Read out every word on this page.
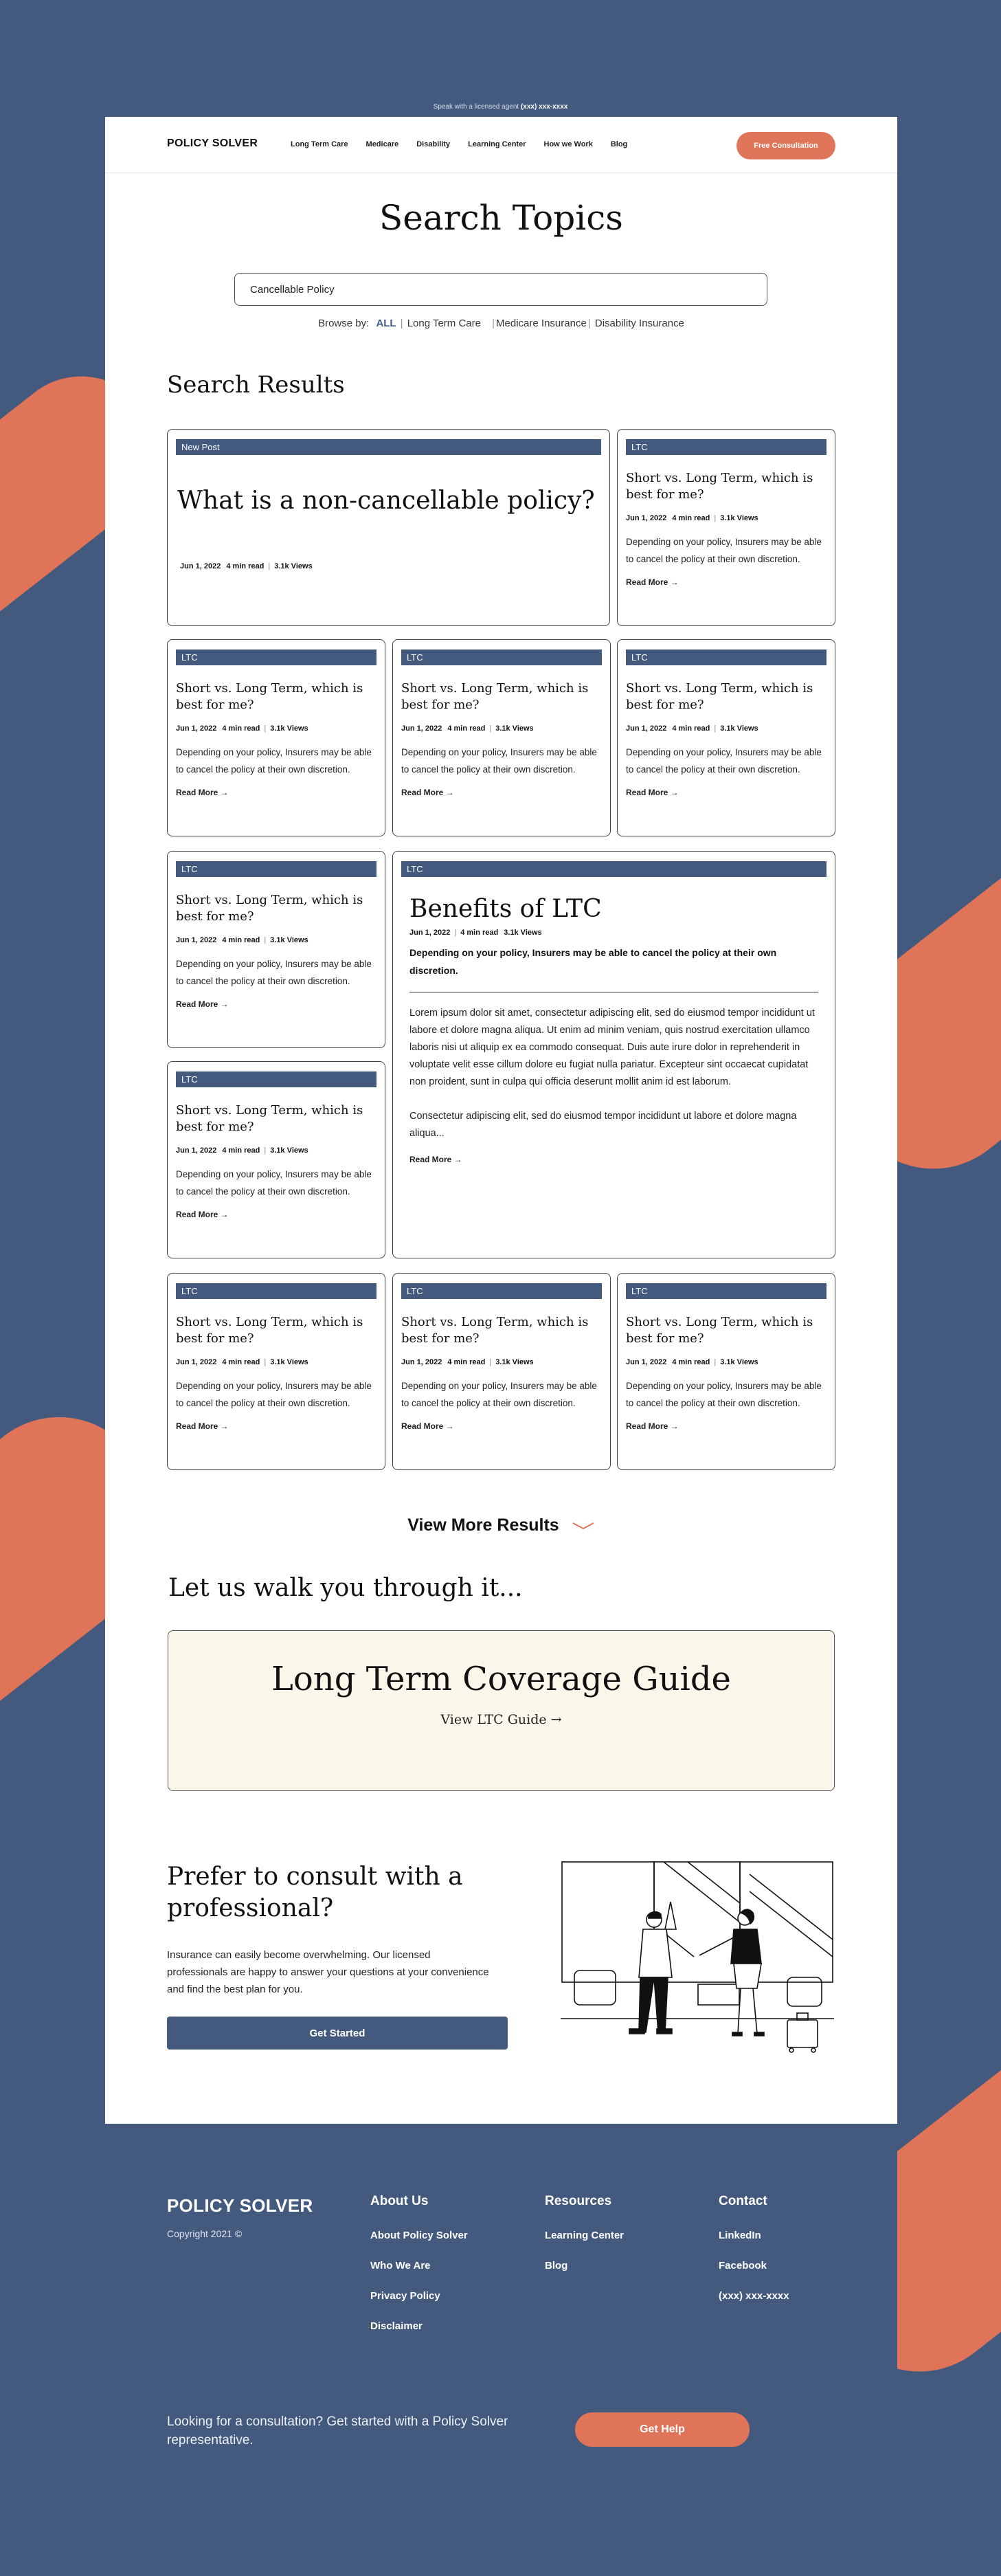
Speak with a licensed agent (xxx) xxx-xxxx
POLICY SOLVER	Long Term Care Medicare Disability Learning Center How we Work Blog	Free Consultation
Search Topics
Cancellable Policy
Browse by: ALL | Long Term Care | Medicare Insurance | Disability Insurance
Search Results
New Post
What is a non-cancellable policy?
Jun 1, 2022 4 min read | 3.1k Views
LTC
Short vs. Long Term, which is best for me?
Jun 1, 2022 4 min read | 3.1k Views
Depending on your policy, Insurers may be able to cancel the policy at their own discretion.
Read More →
LTC
Short vs. Long Term, which is best for me?
Jun 1, 2022 4 min read | 3.1k Views
Depending on your policy, Insurers may be able to cancel the policy at their own discretion.
Read More →
LTC
Short vs. Long Term, which is best for me?
Jun 1, 2022 4 min read | 3.1k Views
Depending on your policy, Insurers may be able to cancel the policy at their own discretion.
Read More →
LTC
Short vs. Long Term, which is best for me?
Jun 1, 2022 4 min read | 3.1k Views
Depending on your policy, Insurers may be able to cancel the policy at their own discretion.
Read More →
LTC
Short vs. Long Term, which is best for me?
Jun 1, 2022 4 min read | 3.1k Views
Depending on your policy, Insurers may be able to cancel the policy at their own discretion.
Read More →
LTC
Short vs. Long Term, which is best for me?
Jun 1, 2022 4 min read | 3.1k Views
Depending on your policy, Insurers may be able to cancel the policy at their own discretion.
Read More →
LTC
Short vs. Long Term, which is best for me?
Jun 1, 2022 4 min read | 3.1k Views
Depending on your policy, Insurers may be able to cancel the policy at their own discretion.
Read More →
LTC
Short vs. Long Term, which is best for me?
Jun 1, 2022 4 min read | 3.1k Views
Depending on your policy, Insurers may be able to cancel the policy at their own discretion.
Read More →
LTC
Short vs. Long Term, which is best for me?
Jun 1, 2022 4 min read | 3.1k Views
Depending on your policy, Insurers may be able to cancel the policy at their own discretion.
Read More →
LTC
Benefits of LTC
Jun 1, 2022 | 4 min read 3.1k Views
Depending on your policy, Insurers may be able to cancel the policy at their own discretion.

Lorem ipsum dolor sit amet, consectetur adipiscing elit, sed do eiusmod tempor incididunt ut labore et dolore magna aliqua. Ut enim ad minim veniam, quis nostrud exercitation ullamco laboris nisi ut aliquip ex ea commodo consequat. Duis aute irure dolor in reprehenderit in voluptate velit esse cillum dolore eu fugiat nulla pariatur. Excepteur sint occaecat cupidatat non proident, sunt in culpa qui officia deserunt mollit anim id est laborum.

Consectetur adipiscing elit, sed do eiusmod tempor incididunt ut labore et dolore magna aliqua...

Read More →
View More Results
Let us walk you through it...
Long Term Coverage Guide
View LTC Guide →
Prefer to consult with a professional?
Insurance can easily become overwhelming. Our licensed professionals are happy to answer your questions at your convenience and find the best plan for you.
Get Started
POLICY SOLVER
Copyright 2021 ©
About Us
About Policy Solver
Who We Are
Privacy Policy
Disclaimer
Resources
Learning Center
Blog
Contact
LinkedIn
Facebook
(xxx) xxx-xxxx
Looking for a consultation? Get started with a Policy Solver representative.
Get Help
